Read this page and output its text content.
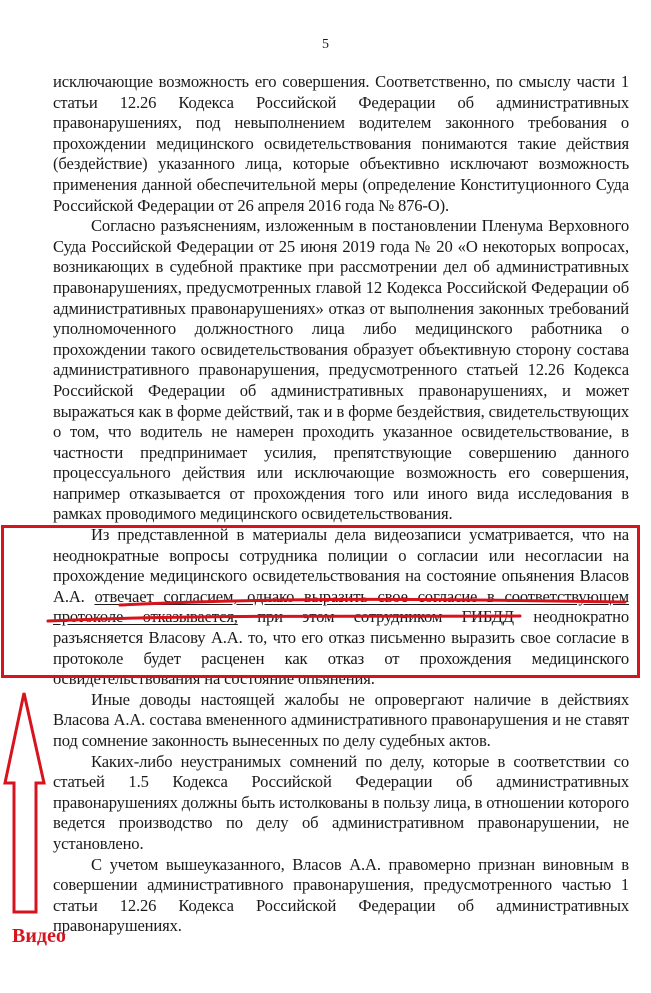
5

исключающие возможность его совершения. Соответственно, по смыслу части 1 статьи 12.26 Кодекса Российской Федерации об административных правонарушениях, под невыполнением водителем законного требования о прохождении медицинского освидетельствования понимаются такие действия (бездействие) указанного лица, которые объективно исключают возможность применения данной обеспечительной меры (определение Конституционного Суда Российской Федерации от 26 апреля 2016 года № 876-О).

Согласно разъяснениям, изложенным в постановлении Пленума Верховного Суда Российской Федерации от 25 июня 2019 года № 20 «О некоторых вопросах, возникающих в судебной практике при рассмотрении дел об административных правонарушениях, предусмотренных главой 12 Кодекса Российской Федерации об административных правонарушениях» отказ от выполнения законных требований уполномоченного должностного лица либо медицинского работника о прохождении такого освидетельствования образует объективную сторону состава административного правонарушения, предусмотренного статьей 12.26 Кодекса Российской Федерации об административных правонарушениях, и может выражаться как в форме действий, так и в форме бездействия, свидетельствующих о том, что водитель не намерен проходить указанное освидетельствование, в частности предпринимает усилия, препятствующие совершению данного процессуального действия или исключающие возможность его совершения, например отказывается от прохождения того или иного вида исследования в рамках проводимого медицинского освидетельствования.

Из представленной в материалы дела видеозаписи усматривается, что на неоднократные вопросы сотрудника полиции о согласии или несогласии на прохождение медицинского освидетельствования на состояние опьянения Власов А.А. отвечает согласием, однако выразить свое согласие в соответствующем протоколе отказывается, при этом сотрудником ГИБДД неоднократно разъясняется Власову А.А. то, что его отказ письменно выразить свое согласие в протоколе будет расценен как отказ от прохождения медицинского освидетельствования на состояние опьянения.

Иные доводы настоящей жалобы не опровергают наличие в действиях Власова А.А. состава вмененного административного правонарушения и не ставят под сомнение законность вынесенных по делу судебных актов.

Каких-либо неустранимых сомнений по делу, которые в соответствии со статьей 1.5 Кодекса Российской Федерации об административных правонарушениях должны быть истолкованы в пользу лица, в отношении которого ведется производство по делу об административном правонарушении, не установлено.

С учетом вышеуказанного, Власов А.А. правомерно признан виновным в совершении административного правонарушения, предусмотренного частью 1 статьи 12.26 Кодекса Российской Федерации об административных правонарушениях.

Видео
